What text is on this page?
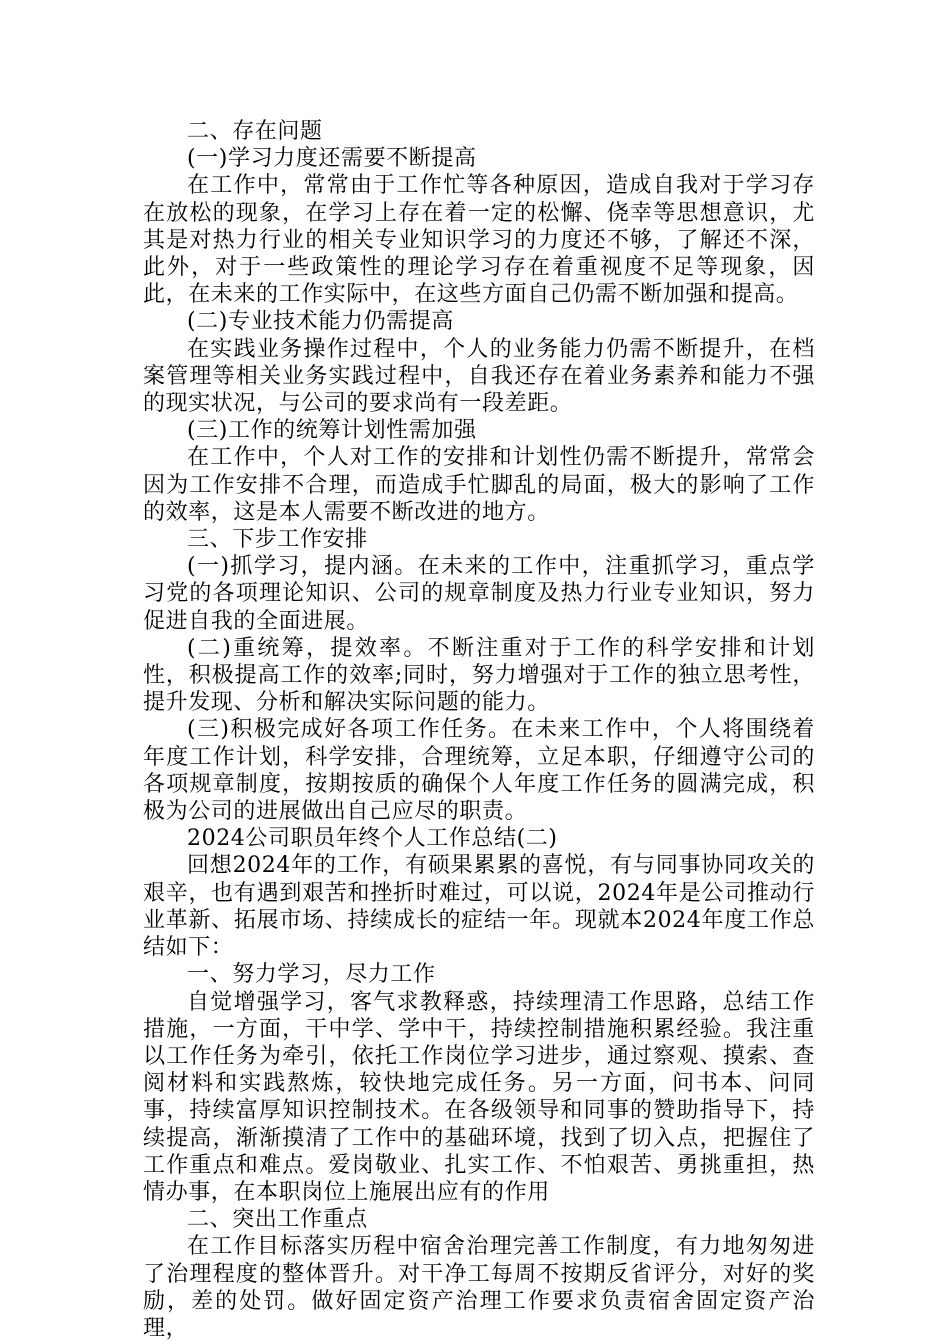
二、存在问题

(一)学习力度还需要不断提高

在工作中，常常由于工作忙等各种原因，造成自我对于学习存在放松的现象，在学习上存在着一定的松懈、侥幸等思想意识，尤其是对热力行业的相关专业知识学习的力度还不够，了解还不深，此外，对于一些政策性的理论学习存在着重视度不足等现象，因此，在未来的工作实际中，在这些方面自己仍需不断加强和提高。

(二)专业技术能力仍需提高

在实践业务操作过程中，个人的业务能力仍需不断提升，在档案管理等相关业务实践过程中，自我还存在着业务素养和能力不强的现实状况，与公司的要求尚有一段差距。

(三)工作的统筹计划性需加强

在工作中，个人对工作的安排和计划性仍需不断提升，常常会因为工作安排不合理，而造成手忙脚乱的局面，极大的影响了工作的效率，这是本人需要不断改进的地方。

三、下步工作安排

(一)抓学习，提内涵。在未来的工作中，注重抓学习，重点学习党的各项理论知识、公司的规章制度及热力行业专业知识，努力促进自我的全面进展。

(二)重统筹，提效率。不断注重对于工作的科学安排和计划性，积极提高工作的效率;同时，努力增强对于工作的独立思考性，提升发现、分析和解决实际问题的能力。

(三)积极完成好各项工作任务。在未来工作中，个人将围绕着年度工作计划，科学安排，合理统筹，立足本职，仔细遵守公司的各项规章制度，按期按质的确保个人年度工作任务的圆满完成，积极为公司的进展做出自己应尽的职责。

2024公司职员年终个人工作总结(二)

回想2024年的工作，有硕果累累的喜悦，有与同事协同攻关的艰辛，也有遇到艰苦和挫折时难过，可以说，2024年是公司推动行业革新、拓展市场、持续成长的症结一年。现就本2024年度工作总结如下：

一、努力学习，尽力工作

自觉增强学习，客气求教释惑，持续理清工作思路，总结工作措施，一方面，干中学、学中干，持续控制措施积累经验。我注重以工作任务为牵引，依托工作岗位学习进步，通过察观、摸索、查阅材料和实践熬炼，较快地完成任务。另一方面，问书本、问同事，持续富厚知识控制技术。在各级领导和同事的赞助指导下，持续提高，渐渐摸清了工作中的基础环境，找到了切入点，把握住了工作重点和难点。爱岗敬业、扎实工作、不怕艰苦、勇挑重担，热情办事，在本职岗位上施展出应有的作用

二、突出工作重点

在工作目标落实历程中宿舍治理完善工作制度，有力地匆匆进了治理程度的整体晋升。对干净工每周不按期反省评分，对好的奖励，差的处罚。做好固定资产治理工作要求负责宿舍固定资产治理，
